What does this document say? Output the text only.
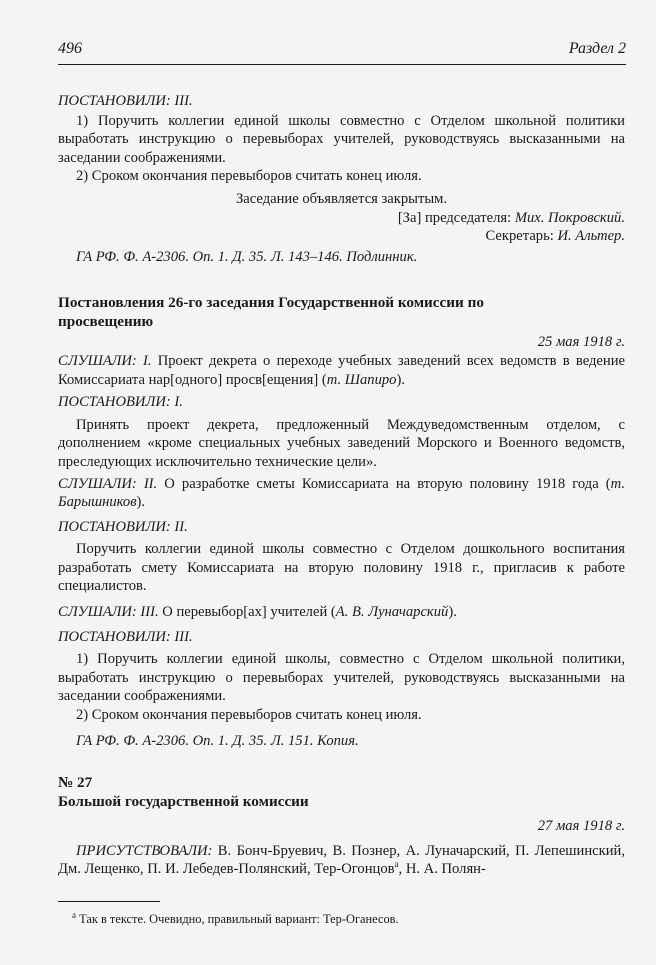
496	Раздел 2

ПОСТАНОВИЛИ: III.

1) Поручить коллегии единой школы совместно с Отделом школьной политики выработать инструкцию о перевыборах учителей, руководствуясь высказанными на заседании соображениями.

2) Сроком окончания перевыборов считать конец июля.

Заседание объявляется закрытым.

[За] председателя: Мих. Покровский.

Секретарь: И. Альтер.

ГА РФ. Ф. А-2306. Оп. 1. Д. 35. Л. 143–146. Подлинник.

Постановления 26-го заседания Государственной комиссии по просвещению

25 мая 1918 г.

СЛУШАЛИ: I. Проект декрета о переходе учебных заведений всех ведомств в ведение Комиссариата нар[одного] просв[ещения] (т. Шапиро).

ПОСТАНОВИЛИ: I.

Принять проект декрета, предложенный Междуведомственным отделом, с дополнением «кроме специальных учебных заведений Морского и Военного ведомств, преследующих исключительно технические цели».

СЛУШАЛИ: II. О разработке сметы Комиссариата на вторую половину 1918 года (т. Барышников).

ПОСТАНОВИЛИ: II.

Поручить коллегии единой школы совместно с Отделом дошкольного воспитания разработать смету Комиссариата на вторую половину 1918 г., пригласив к работе специалистов.

СЛУШАЛИ: III. О перевыбор[ах] учителей (А. В. Луначарский).

ПОСТАНОВИЛИ: III.

1) Поручить коллегии единой школы, совместно с Отделом школьной политики, выработать инструкцию о перевыборах учителей, руководствуясь высказанными на заседании соображениями.

2) Сроком окончания перевыборов считать конец июля.

ГА РФ. Ф. А-2306. Оп. 1. Д. 35. Л. 151. Копия.

№ 27

Большой государственной комиссии

27 мая 1918 г.

ПРИСУТСТВОВАЛИ: В. Бонч-Бруевич, В. Познер, А. Луначарский, П. Лепешинский, Дм. Лещенко, П. И. Лебедев-Полянский, Тер-Огонцов$^а$, Н. А. Полян-

$^а$ Так в тексте. Очевидно, правильный вариант: Тер-Оганесов.
